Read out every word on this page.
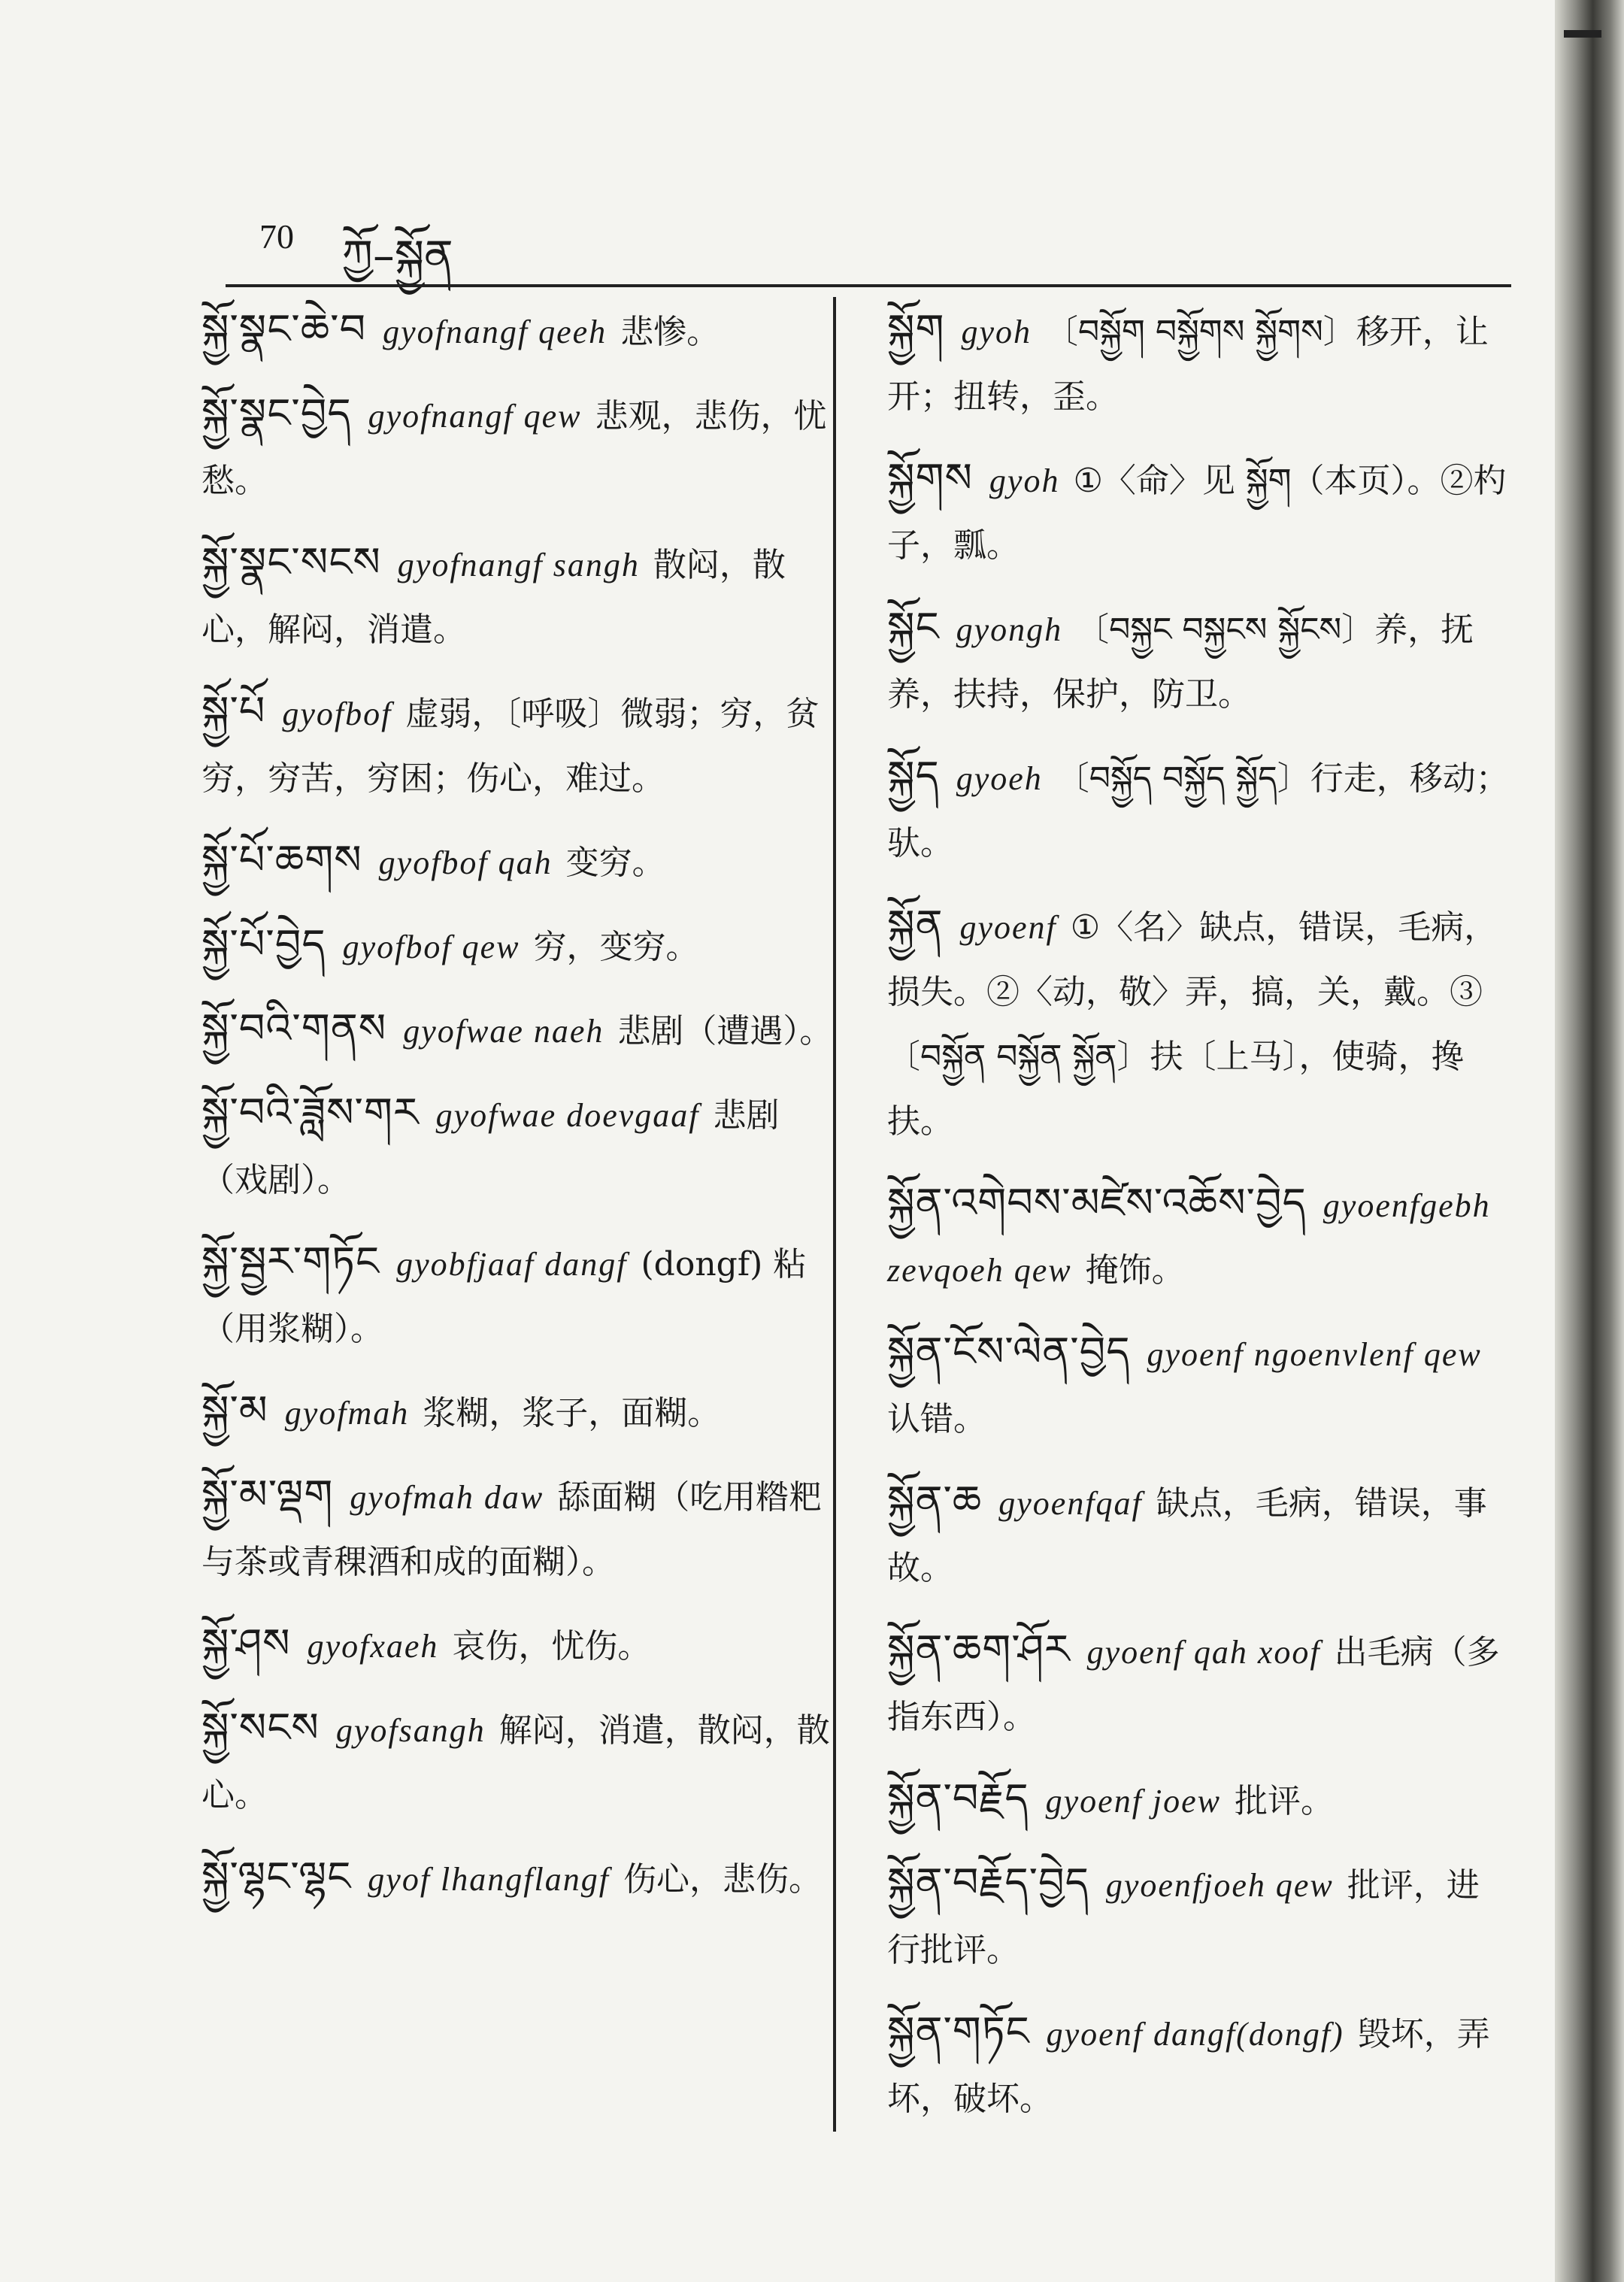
70 ཀྱོ–སྐྱོན
སྐྱོ་སྣང་ཆེ་བ gyofnangf qeeh 悲惨。
སྐྱོ་སྣང་བྱེད gyofnangf qew 悲观，悲伤，忧愁。
སྐྱོ་སྣང་སངས gyofnangf sangh 散闷，散心，解闷，消遣。
སྐྱོ་པོ gyofbof 虚弱，〔呼吸〕微弱；穷，贫穷，穷苦，穷困；伤心，难过。
སྐྱོ་པོ་ཆགས gyofbof qah 变穷。
སྐྱོ་པོ་བྱེད gyofbof qew 穷，变穷。
སྐྱོ་བའི་གནས gyofwae naeh 悲剧（遭遇）。
སྐྱོ་བའི་ཟློས་གར gyofwae doevgaaf 悲剧（戏剧）。
སྐྱོ་སྦྱར་གཏོང gyobfjaaf dangf (dongf) 粘（用浆糊）。
སྐྱོ་མ gyofmah 浆糊，浆子，面糊。
སྐྱོ་མ་ལྡག gyofmah daw 舔面糊（吃用糌粑与茶或青稞酒和成的面糊）。
སྐྱོ་ཤས gyofxaeh 哀伤，忧伤。
སྐྱོ་སངས gyofsangh 解闷，消遣，散闷，散心。
སྐྱོ་ལྷང་ལྷང gyof lhangflangf 伤心，悲伤。
སྐྱོག gyoh 〔བསྐྱོག བསྐྱོགས སྐྱོགས〕移开，让开；扭转，歪。
སྐྱོགས gyoh ①〈命〉见 སྐྱོག（本页）。②杓子，瓢。
སྐྱོང gyongh 〔བསྐྱང བསྐྱངས སྐྱོངས〕养，抚养，扶持，保护，防卫。
སྐྱོད gyoeh 〔བསྐྱོད བསྐྱོད སྐྱོད〕行走，移动；驮。
སྐྱོན gyoenf ①〈名〉缺点，错误，毛病，损失。②〈动，敬〉弄，搞，关，戴。③〔བསྐྱོན བསྐྱོན སྐྱོན〕扶〔上马〕，使骑，搀扶。
སྐྱོན་འགེབས་མཛེས་འཆོས་བྱེད gyoenfgebh zevqoeh qew 掩饰。
སྐྱོན་ངོས་ལེན་བྱེད gyoenf ngoenvlenf qew认错。
སྐྱོན་ཆ gyoenfqaf 缺点，毛病，错误，事故。
སྐྱོན་ཆག་ཤོར gyoenf qah xoof 出毛病（多指东西）。
སྐྱོན་བརྗོད gyoenf joew 批评。
སྐྱོན་བརྗོད་བྱེད gyoenfjoeh qew 批评，进行批评。
སྐྱོན་གཏོང gyoenf dangf(dongf) 毁坏，弄坏，破坏。
